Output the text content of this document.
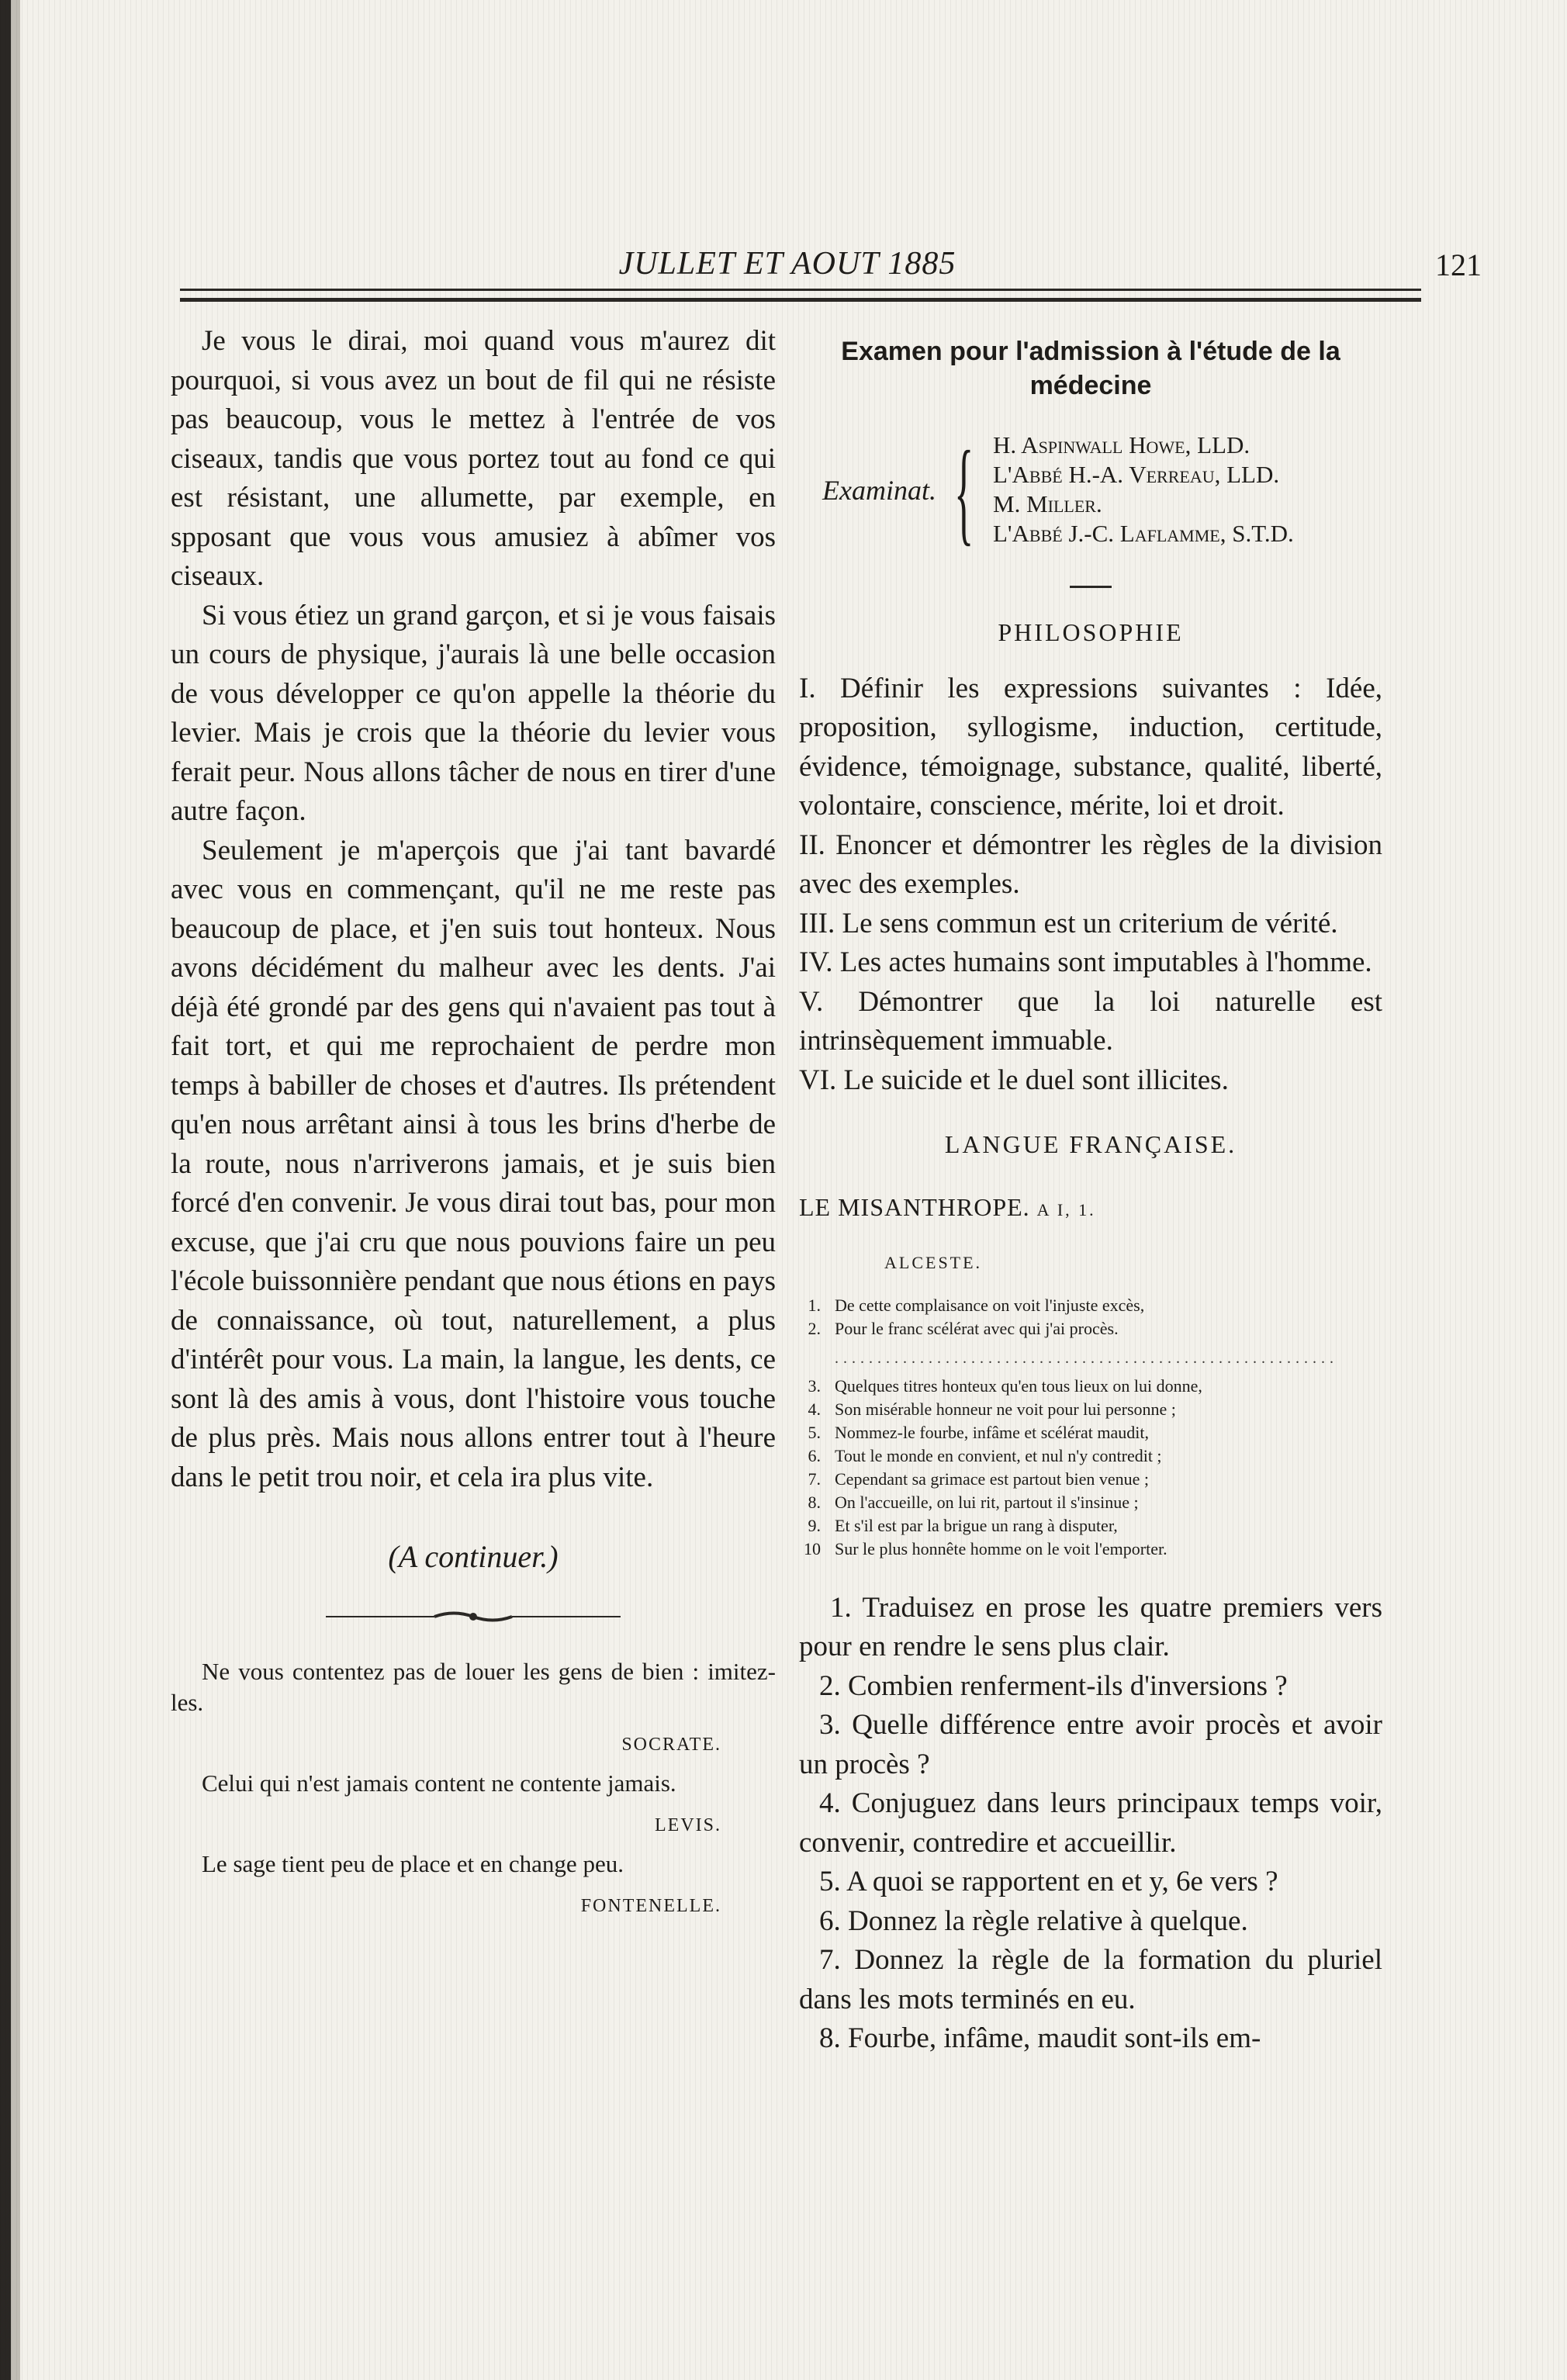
JULLET ET AOUT 1885	121

Je vous le dirai, moi quand vous m'aurez dit pourquoi, si vous avez un bout de fil qui ne résiste pas beaucoup, vous le mettez à l'entrée de vos ciseaux, tandis que vous portez tout au fond ce qui est résistant, une allumette, par exemple, en spposant que vous vous amusiez à abîmer vos ciseaux.

Si vous étiez un grand garçon, et si je vous faisais un cours de physique, j'aurais là une belle occasion de vous développer ce qu'on appelle la théorie du levier. Mais je crois que la théorie du levier vous ferait peur. Nous allons tâcher de nous en tirer d'une autre façon.

Seulement je m'aperçois que j'ai tant bavardé avec vous en commençant, qu'il ne me reste pas beaucoup de place, et j'en suis tout honteux. Nous avons décidément du malheur avec les dents. J'ai déjà été grondé par des gens qui n'avaient pas tout à fait tort, et qui me reprochaient de perdre mon temps à babiller de choses et d'autres. Ils prétendent qu'en nous arrêtant ainsi à tous les brins d'herbe de la route, nous n'arriverons jamais, et je suis bien forcé d'en convenir. Je vous dirai tout bas, pour mon excuse, que j'ai cru que nous pouvions faire un peu l'école buissonnière pendant que nous étions en pays de connaissance, où tout, naturellement, a plus d'intérêt pour vous. La main, la langue, les dents, ce sont là des amis à vous, dont l'histoire vous touche de plus près. Mais nous allons entrer tout à l'heure dans le petit trou noir, et cela ira plus vite.

(A continuer.)
Ne vous contentez pas de louer les gens de bien : imitez-les.
SOCRATE.
Celui qui n'est jamais content ne contente jamais.
LEVIS.
Le sage tient peu de place et en change peu.
FONTENELLE.
Examen pour l'admission à l'étude de la médecine
Examinat. { H. Aspinwall Howe, LLD.
L'Abbé H.-A. Verreau, LLD.
M. Miller.
L'Abbé J.-C. Laflamme, S.T.D.
PHILOSOPHIE

I. Définir les expressions suivantes : Idée, proposition, syllogisme, induction, certitude, évidence, témoignage, substance, qualité, liberté, volontaire, conscience, mérite, loi et droit.

II. Enoncer et démontrer les règles de la division avec des exemples.

III. Le sens commun est un criterium de vérité.

IV. Les actes humains sont imputables à l'homme.

V. Démontrer que la loi naturelle est intrinsèquement immuable.

VI. Le suicide et le duel sont illicites.

LANGUE FRANÇAISE.
LE MISANTHROPE. A I, 1.
ALCESTE.
1. De cette complaisance on voit l'injuste excès,
2. Pour le franc scélérat avec qui j'ai procès.
...........................................................
3. Quelques titres honteux qu'en tous lieux on lui donne,
4. Son misérable honneur ne voit pour lui personne ;
5. Nommez-le fourbe, infâme et scélérat maudit,
6. Tout le monde en convient, et nul n'y contredit ;
7. Cependant sa grimace est partout bien venue ;
8. On l'accueille, on lui rit, partout il s'insinue ;
9. Et s'il est par la brigue un rang à disputer,
10 Sur le plus honnête homme on le voit l'emporter.

1. Traduisez en prose les quatre premiers vers pour en rendre le sens plus clair.

2. Combien renferment-ils d'inversions ?

3. Quelle différence entre avoir procès et avoir un procès ?

4. Conjuguez dans leurs principaux temps voir, convenir, contredire et accueillir.

5. A quoi se rapportent en et y, 6e vers ?

6. Donnez la règle relative à quelque.

7. Donnez la règle de la formation du pluriel dans les mots terminés en eu.

8. Fourbe, infâme, maudit sont-ils em-
